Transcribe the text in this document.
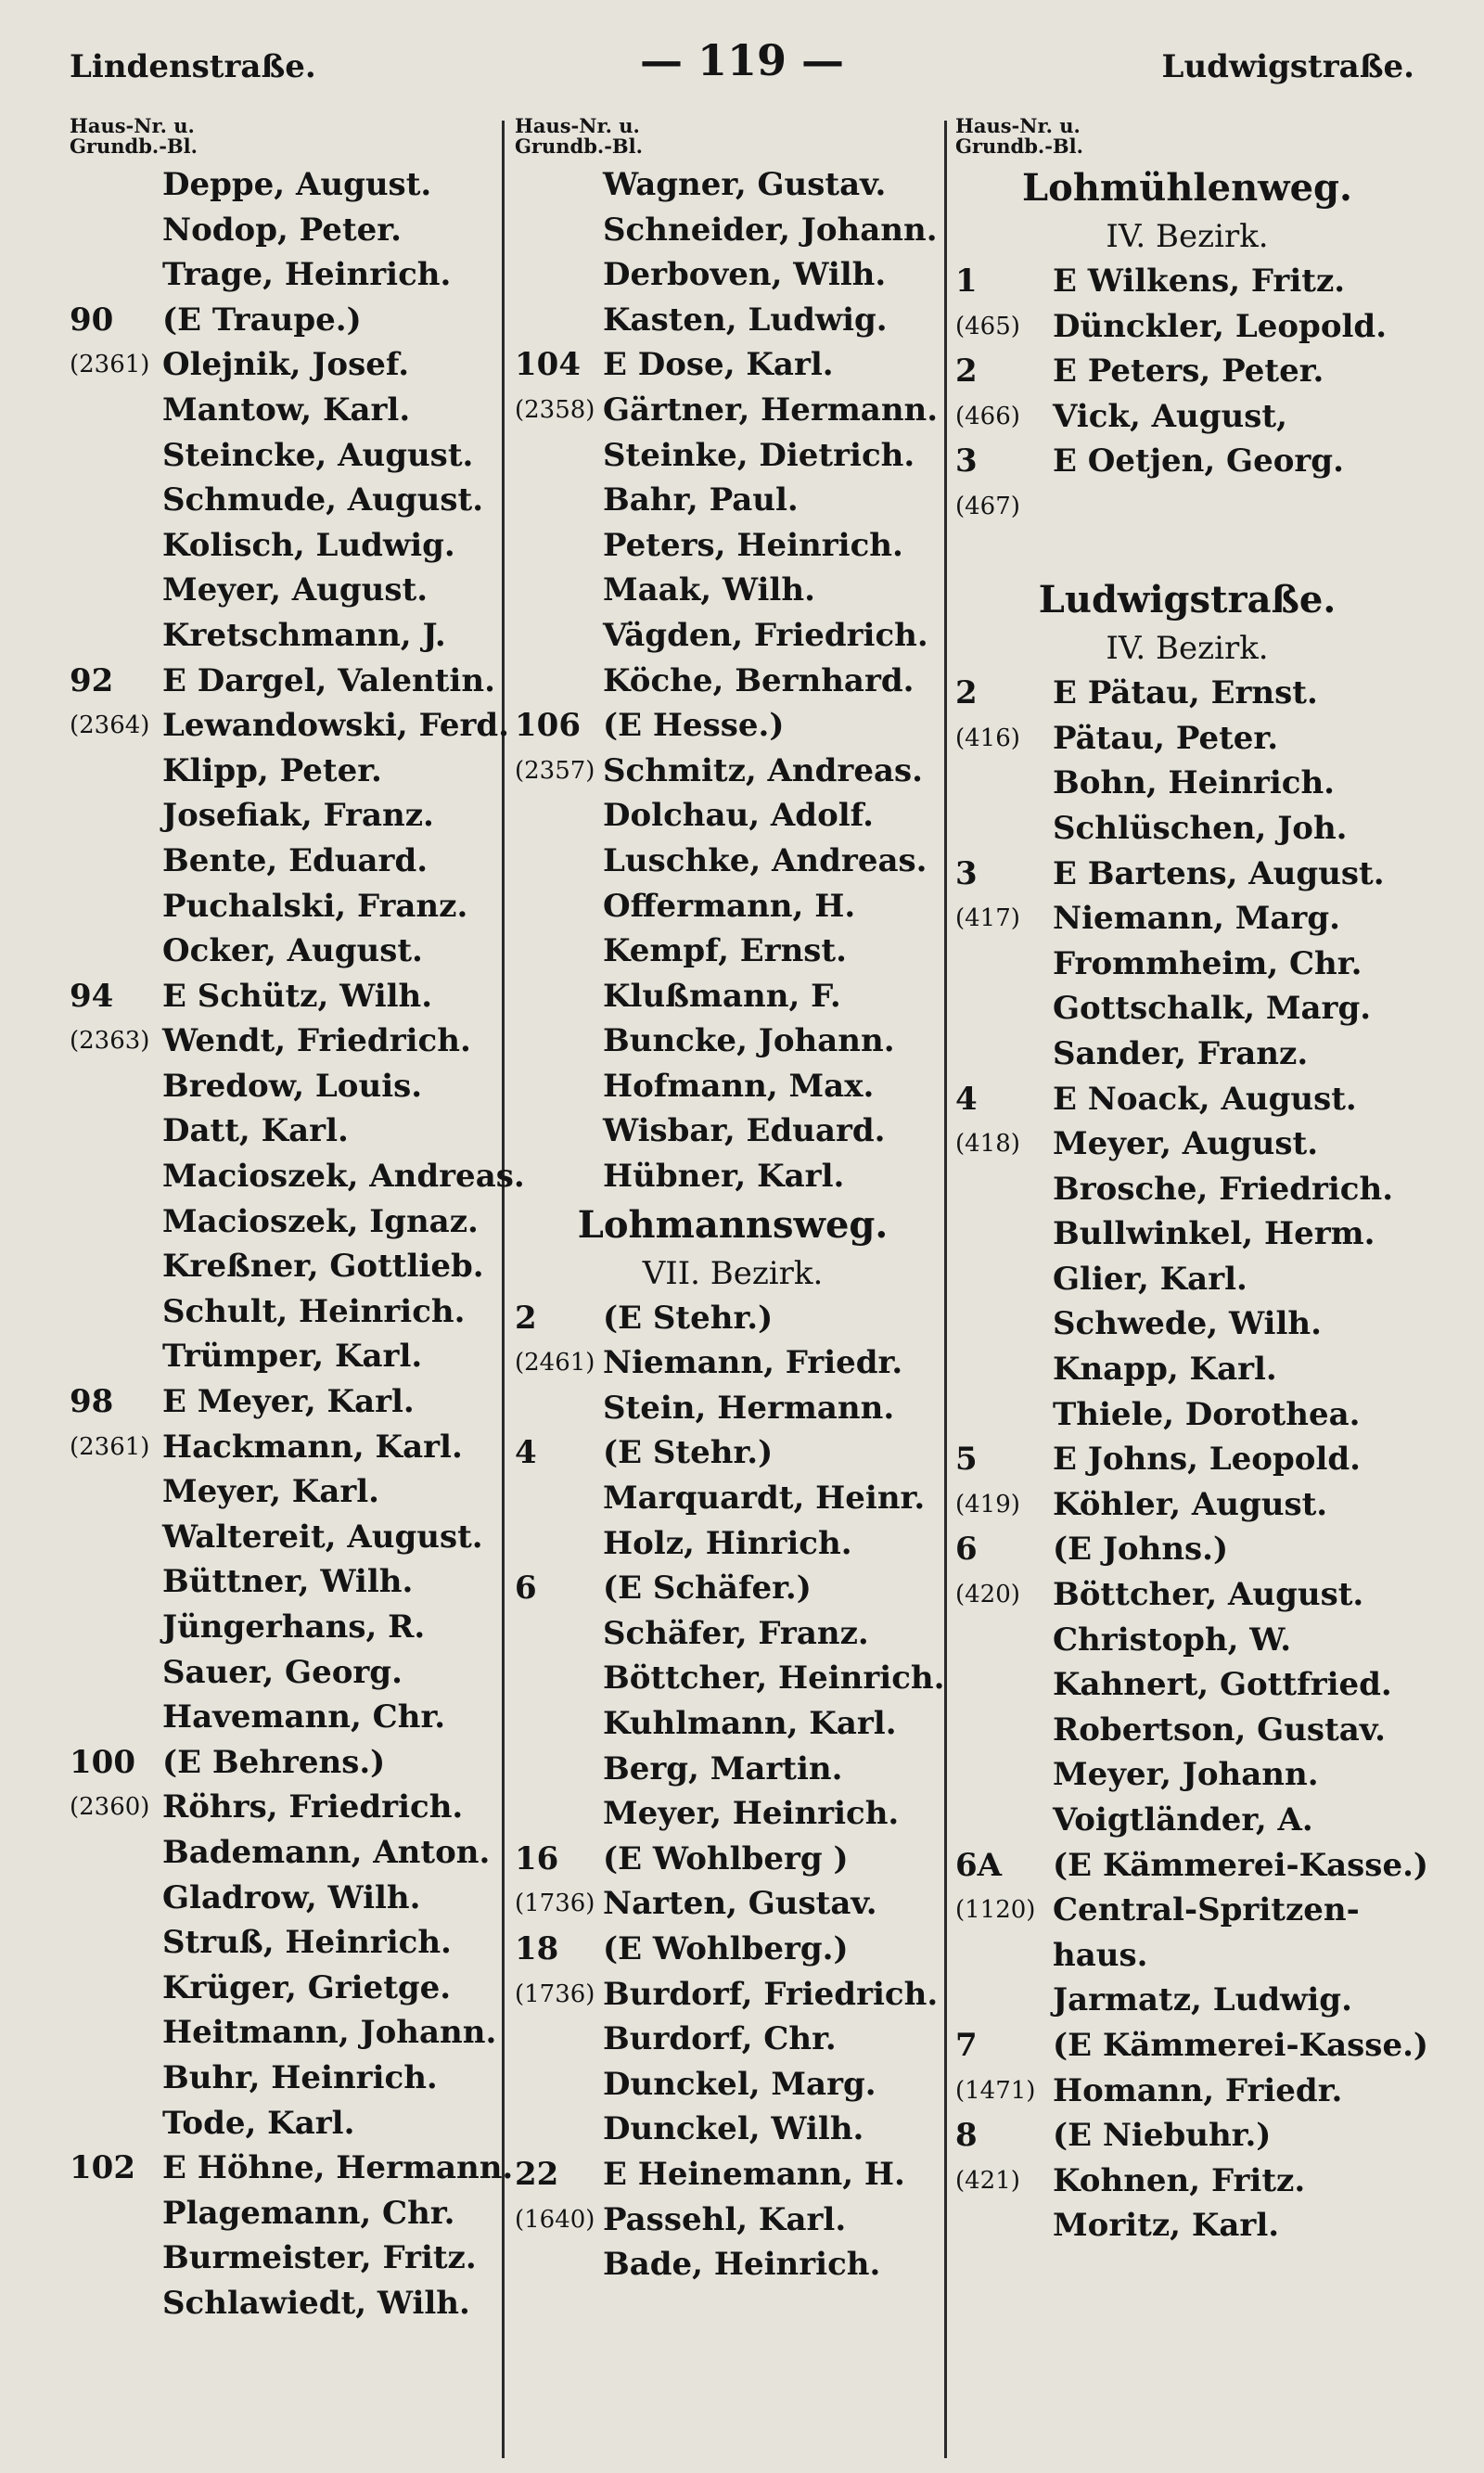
Lindenstraße.	— 119 —	Ludwigstraße.
Haus-Nr. u.
Grundb.-Bl.
Deppe, August.
Nodop, Peter.
Trage, Heinrich.
90	(E Traupe.)
(2361) Olejnik, Josef.
Mantow, Karl.
Steincke, August.
Schmude, August.
Kolisch, Ludwig.
Meyer, August.
Kretschmann, J.
92	E Dargel, Valentin.
(2364) Lewandowski, Ferd.
Klipp, Peter.
Josefiak, Franz.
Bente, Eduard.
Puchalski, Franz.
Ocker, August.
94	E Schütz, Wilh.
(2363) Wendt, Friedrich.
Bredow, Louis.
Datt, Karl.
Macioszek, Andreas.
Macioszek, Ignaz.
Kreßner, Gottlieb.
Schult, Heinrich.
Trümper, Karl.
98	E Meyer, Karl.
(2361) Hackmann, Karl.
Meyer, Karl.
Waltereit, August.
Büttner, Wilh.
Jüngerhans, R.
Sauer, Georg.
Havemann, Chr.
100 (E Behrens.)
(2360) Röhrs, Friedrich.
Bademann, Anton.
Gladrow, Wilh.
Struß, Heinrich.
Krüger, Grietge.
Heitmann, Johann.
Buhr, Heinrich.
Tode, Karl.
102 E Höhne, Hermann.
Plagemann, Chr.
Burmeister, Fritz.
Schlawiedt, Wilh.
Haus-Nr. u.
Grundb.-Bl.
Wagner, Gustav.
Schneider, Johann.
Derboven, Wilh.
Kasten, Ludwig.
104 E Dose, Karl.
(2358) Gärtner, Hermann.
Steinke, Dietrich.
Bahr, Paul.
Peters, Heinrich.
Maak, Wilh.
Vägden, Friedrich.
Köche, Bernhard.
106 (E Hesse.)
(2357) Schmitz, Andreas.
Dolchau, Adolf.
Luschke, Andreas.
Offermann, H.
Kempf, Ernst.
Klußmann, F.
Buncke, Johann.
Hofmann, Max.
Wisbar, Eduard.
Hübner, Karl.
Lohmannsweg.
VII. Bezirk.
2	(E Stehr.)
(2461) Niemann, Friedr.
Stein, Hermann.
4	(E Stehr.)
Marquardt, Heinr.
Holz, Hinrich.
6	(E Schäfer.)
Schäfer, Franz.
Böttcher, Heinrich.
Kuhlmann, Karl.
Berg, Martin.
Meyer, Heinrich.
16	(E Wohlberg )
(1736) Narten, Gustav.
18	(E Wohlberg.)
(1736) Burdorf, Friedrich.
Burdorf, Chr.
Dunckel, Marg.
Dunckel, Wilh.
22	E Heinemann, H.
(1640) Passehl, Karl.
Bade, Heinrich.
Haus-Nr. u.
Grundb.-Bl.
Lohmühlenweg.
IV. Bezirk.
1	E Wilkens, Fritz.
(465)	Dünckler, Leopold.
2	E Peters, Peter.
(466)	Vick, August,
3	E Oetjen, Georg.
(467)
Ludwigstraße.
IV. Bezirk.
2	E Pätau, Ernst.
(416)	Pätau, Peter.
Bohn, Heinrich.
Schlüschen, Joh.
3	E Bartens, August.
(417)	Niemann, Marg.
Frommheim, Chr.
Gottschalk, Marg.
Sander, Franz.
4	E Noack, August.
(418)	Meyer, August.
Brosche, Friedrich.
Bullwinkel, Herm.
Glier, Karl.
Schwede, Wilh.
Knapp, Karl.
Thiele, Dorothea.
5	E Johns, Leopold.
(419)	Köhler, August.
6	(E Johns.)
(420)	Böttcher, August.
Christoph, W.
Kahnert, Gottfried.
Robertson, Gustav.
Meyer, Johann.
Voigtländer, A.
6A	(E Kämmerei-Kasse.)
(1120) Central-Spritzen-
haus.
Jarmatz, Ludwig.
7	(E Kämmerei-Kasse.)
(1471) Homann, Friedr.
8	(E Niebuhr.)
(421)	Kohnen, Fritz.
Moritz, Karl.
